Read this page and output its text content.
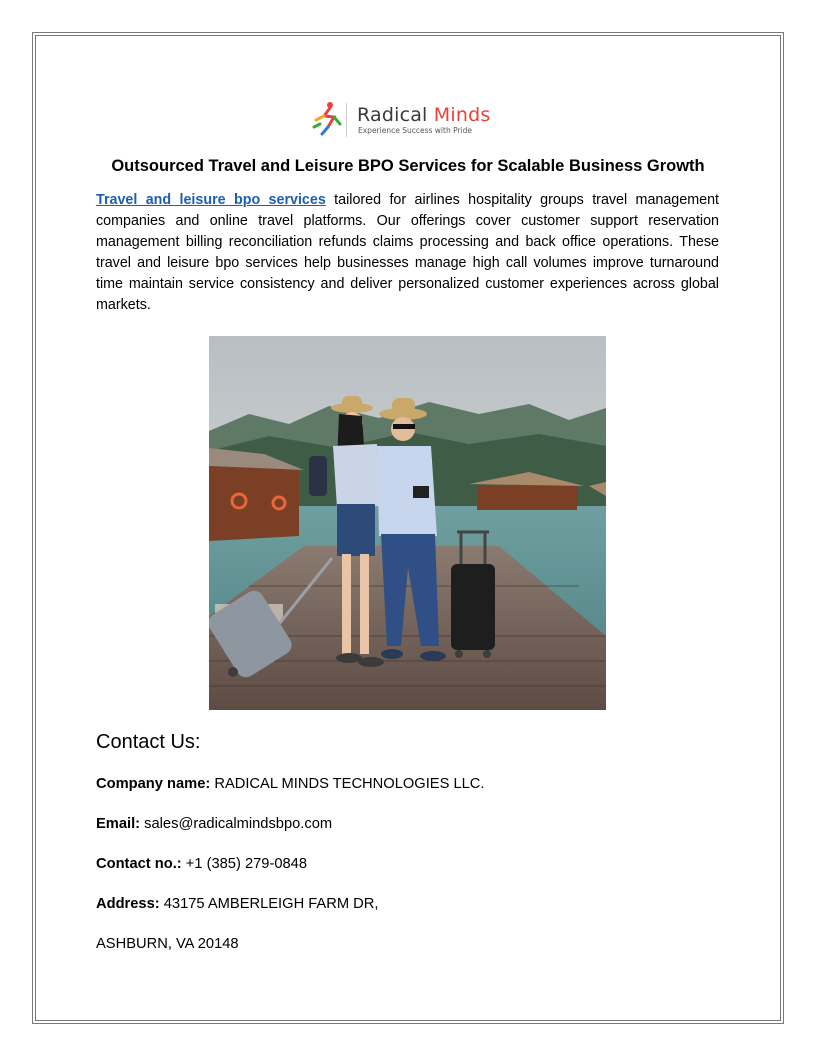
Radical Minds
Experience Success with Pride
Outsourced Travel and Leisure BPO Services for Scalable Business Growth
Travel and leisure bpo services tailored for airlines hospitality groups travel management companies and online travel platforms. Our offerings cover customer support reservation management billing reconciliation refunds claims processing and back office operations. These travel and leisure bpo services help businesses manage high call volumes improve turnaround time maintain service consistency and deliver personalized customer experiences across global markets.
Contact Us:
Company name: RADICAL MINDS TECHNOLOGIES LLC.
Email: sales@radicalmindsbpo.com
Contact no.: +1 (385) 279-0848
Address: 43175 AMBERLEIGH FARM DR,
ASHBURN, VA 20148
